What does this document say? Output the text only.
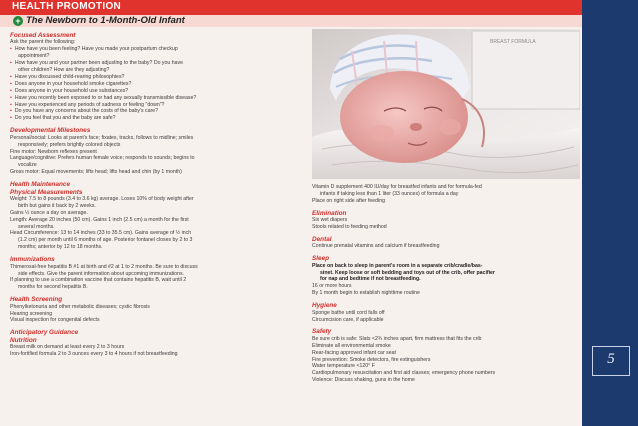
HEALTH PROMOTION
+ The Newborn to 1-Month-Old Infant
Focused Assessment
Ask the parent the following:
▪ How have you been feeling? Have you made your postpartum checkup
appointment?
▪ How have you and your partner been adjusting to the baby? Do you have
other children? How are they adjusting?
▪ Have you discussed child-rearing philosophies?
▪ Does anyone in your household smoke cigarettes?
▪ Does anyone in your household use substances?
▪ Have you recently been exposed to or had any sexually transmissible disease?
▪ Have you experienced any periods of sadness or feeling "down"?
▪ Do you have any concerns about the costs of the baby's care?
▪ Do you feel that you and the baby are safe?
Developmental Milestones
Personal/social: Looks at parent's face; fixates, tracks, follows to midline; smiles
responsively; prefers brightly colored objects
Fine motor: Newborn reflexes present
Language/cognitive: Prefers human female voice; responds to sounds; begins to
vocalize
Gross motor: Equal movements; lifts head; lifts head and chin (by 1 month)
Health Maintenance
Physical Measurements
Weight: 7.5 to 8 pounds (3.4 to 3.6 kg) average. Loses 10% of body weight after
birth but gains it back by 2 weeks.
Gains ½ ounce a day on average.
Length: Average 20 inches (50 cm). Gains 1 inch (2.5 cm) a month for the first
several months.
Head Circumference: 13 to 14 inches (33 to 35.5 cm). Gains average of ½ inch
(1.2 cm) per month until 6 months of age. Posterior fontanel closes by 2 to 3
months; anterior by 12 to 18 months.
Immunizations
Thimerosal-free hepatitis B #1 at birth and #2 at 1 to 2 months. Be sure to discuss
side effects. Give the parent information about upcoming immunizations.
If planning to use a combination vaccine that contains hepatitis B, wait until 2
months for second hepatitis B.
Health Screening
Phenylketonuria and other metabolic diseases; cystic fibrosis
Hearing screening
Visual inspection for congenital defects
Anticipatory Guidance
Nutrition
Breast milk on demand at least every 2 to 3 hours
Iron-fortified formula 2 to 3 ounces every 3 to 4 hours if not breastfeeding
BREAST FORMULA
Vitamin D supplement 400 IU/day for breastfed infants and for formula-fed
infants if taking less than 1 liter (33 ounces) of formula a day
Place on right side after feeding
Elimination
Six wet diapers
Stools related to feeding method
Dental
Continue prenatal vitamins and calcium if breastfeeding
Sleep
Place on back to sleep in parent's room in a separate crib/cradle/bas-
sinet. Keep loose or soft bedding and toys out of the crib, offer pacifier
for nap and bedtime if not breastfeeding.
16 or more hours
By 1 month begin to establish nighttime routine
Hygiene
Sponge bathe until cord falls off
Circumcision care, if applicable
Safety
Be sure crib is safe: Slats <2¾ inches apart, firm mattress that fits the crib
Eliminate all environmental smoke
Rear-facing approved infant car seat
Fire prevention: Smoke detectors, fire extinguishers
Water temperature <120° F
Cardiopulmonary resuscitation and first aid classes; emergency phone numbers
Violence: Discuss shaking, guns in the home
5
